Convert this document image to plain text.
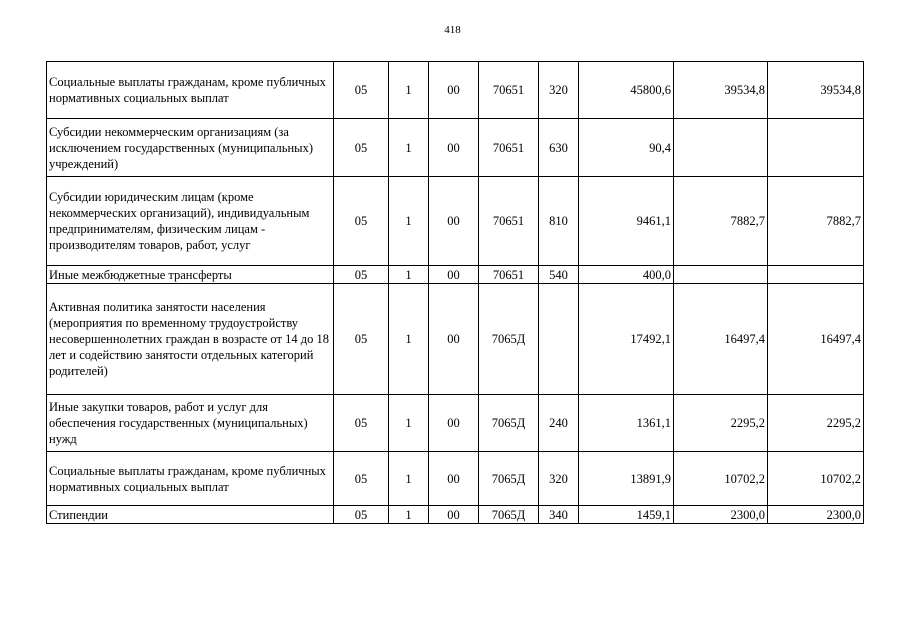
418
Социальные выплаты гражданам, кроме публичных нормативных социальных выплат	05	1	00	70651	320	45800,6	39534,8	39534,8
Субсидии некоммерческим организациям (за исключением государственных (муниципальных) учреждений)	05	1	00	70651	630	90,4		
Субсидии юридическим лицам (кроме некоммерческих организаций), индивидуальным предпринимателям, физическим лицам - производителям товаров, работ, услуг	05	1	00	70651	810	9461,1	7882,7	7882,7
Иные межбюджетные трансферты	05	1	00	70651	540	400,0		
Активная политика занятости населения (мероприятия по временному трудоустройству несовершеннолетних граждан в возрасте от 14 до 18 лет и содействию занятости отдельных категорий родителей)	05	1	00	7065Д		17492,1	16497,4	16497,4
Иные закупки товаров, работ и услуг для обеспечения государственных (муниципальных) нужд	05	1	00	7065Д	240	1361,1	2295,2	2295,2
Социальные выплаты гражданам, кроме публичных нормативных социальных выплат	05	1	00	7065Д	320	13891,9	10702,2	10702,2
Стипендии	05	1	00	7065Д	340	1459,1	2300,0	2300,0
